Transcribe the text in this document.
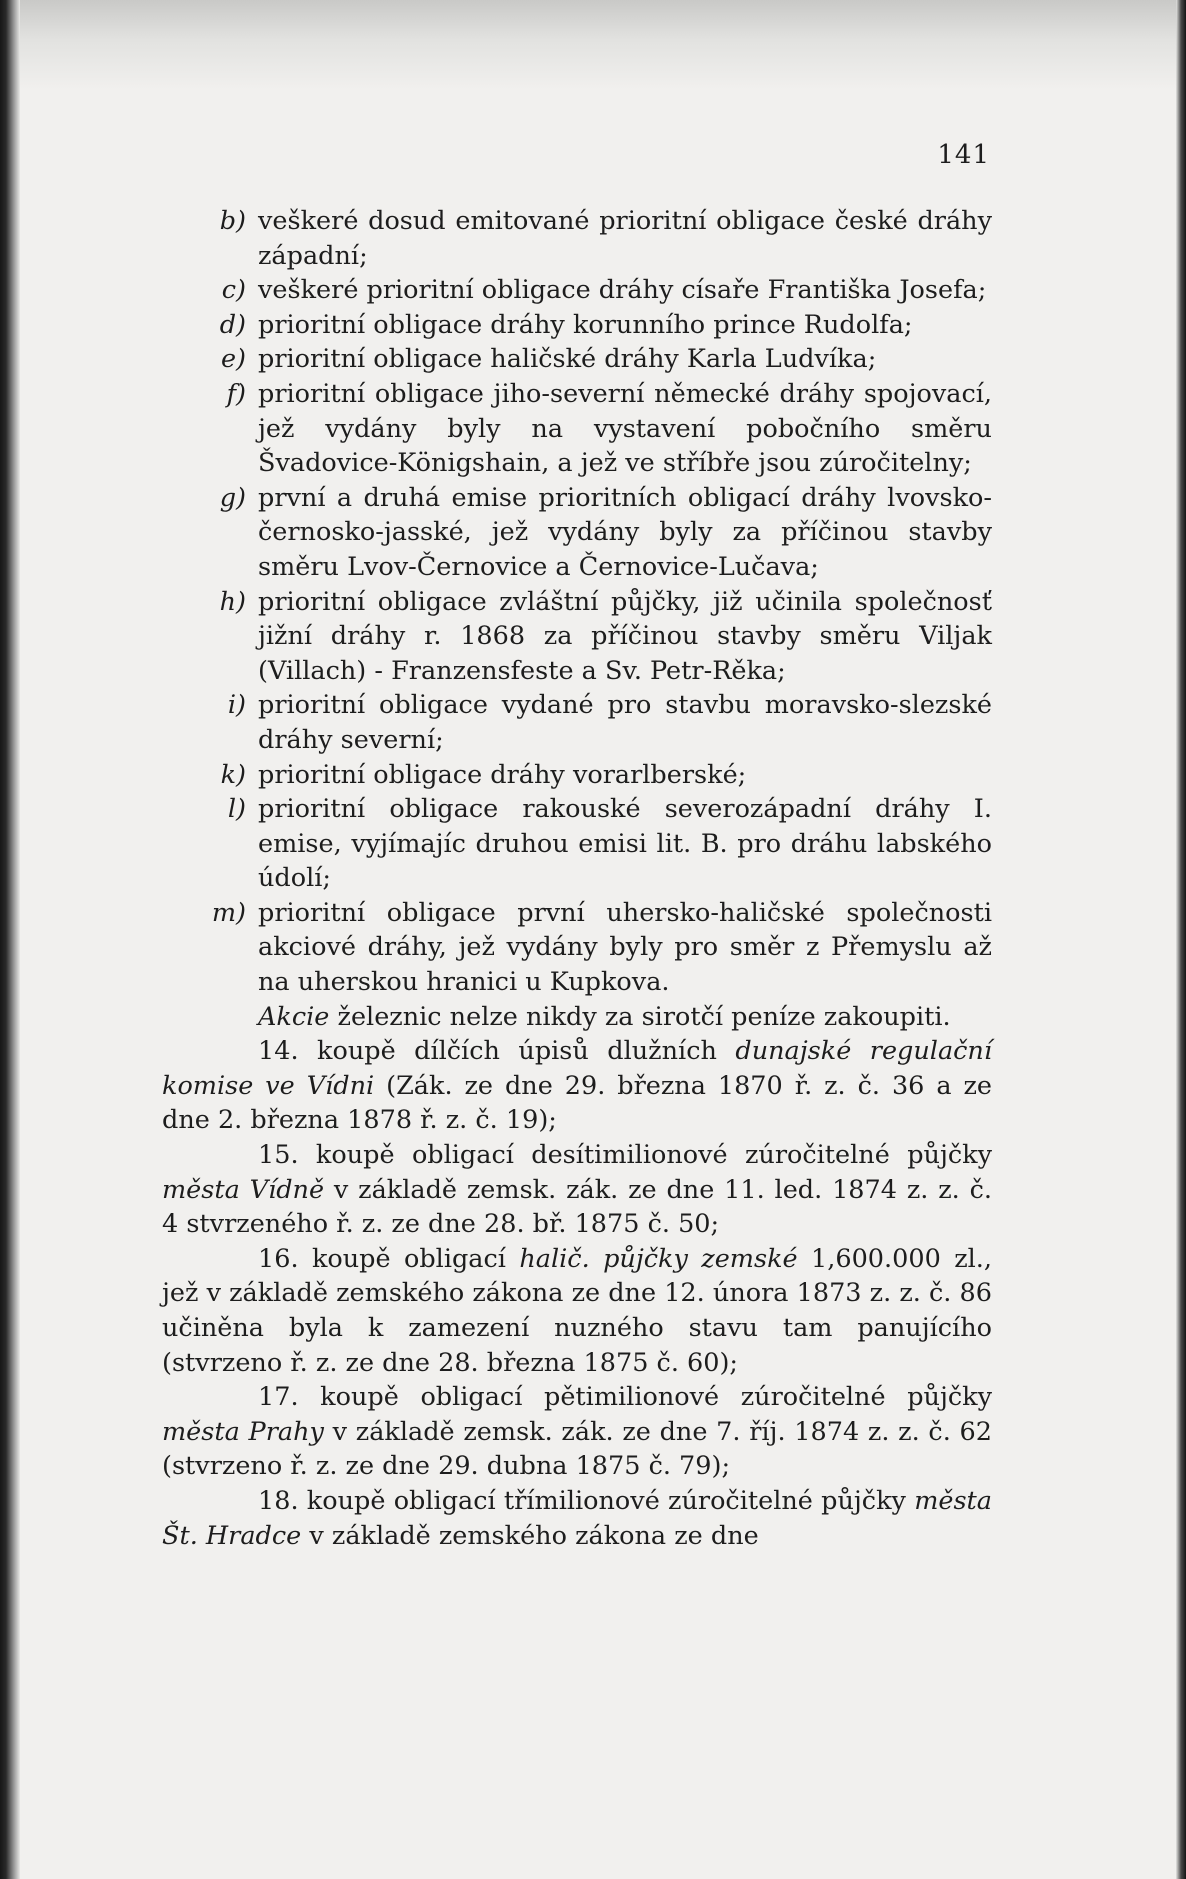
141
b) veškeré dosud emitované prioritní obligace české dráhy západní;
c) veškeré prioritní obligace dráhy císaře Františka Josefa;
d) prioritní obligace dráhy korunního prince Rudolfa;
e) prioritní obligace haličské dráhy Karla Ludvíka;
f) prioritní obligace jiho-severní německé dráhy spojovací, jež vydány byly na vystavení pobočního směru Švadovice-Königshain, a jež ve stříbře jsou zúročitelny;
g) první a druhá emise prioritních obligací dráhy lvovsko-černosko-jasské, jež vydány byly za příčinou stavby směru Lvov-Černovice a Černovice-Lučava;
h) prioritní obligace zvláštní půjčky, již učinila společnosť jižní dráhy r. 1868 za příčinou stavby směru Viljak (Villach) - Franzensfeste a Sv. Petr-Rěka;
i) prioritní obligace vydané pro stavbu moravsko-slezské dráhy severní;
k) prioritní obligace dráhy vorarlberské;
l) prioritní obligace rakouské severozápadní dráhy I. emise, vyjímajíc druhou emisi lit. B. pro dráhu labského údolí;
m) prioritní obligace první uhersko-haličské společnosti akciové dráhy, jež vydány byly pro směr z Přemyslu až na uherskou hranici u Kupkova.
Akcie železnic nelze nikdy za sirotčí peníze zakoupiti.
14. koupě dílčích úpisů dlužních dunajské regulační komise ve Vídni (Zák. ze dne 29. března 1870 ř. z. č. 36 a ze dne 2. března 1878 ř. z. č. 19);
15. koupě obligací desítimilionové zúročitelné půjčky města Vídně v základě zemsk. zák. ze dne 11. led. 1874 z. z. č. 4 stvrzeného ř. z. ze dne 28. bř. 1875 č. 50;
16. koupě obligací halič. půjčky zemské 1,600.000 zl., jež v základě zemského zákona ze dne 12. února 1873 z. z. č. 86 učiněna byla k zamezení nuzného stavu tam panujícího (stvrzeno ř. z. ze dne 28. března 1875 č. 60);
17. koupě obligací pětimilionové zúročitelné půjčky města Prahy v základě zemsk. zák. ze dne 7. říj. 1874 z. z. č. 62 (stvrzeno ř. z. ze dne 29. dubna 1875 č. 79);
18. koupě obligací třímilionové zúročitelné půjčky města Št. Hradce v základě zemského zákona ze dne
